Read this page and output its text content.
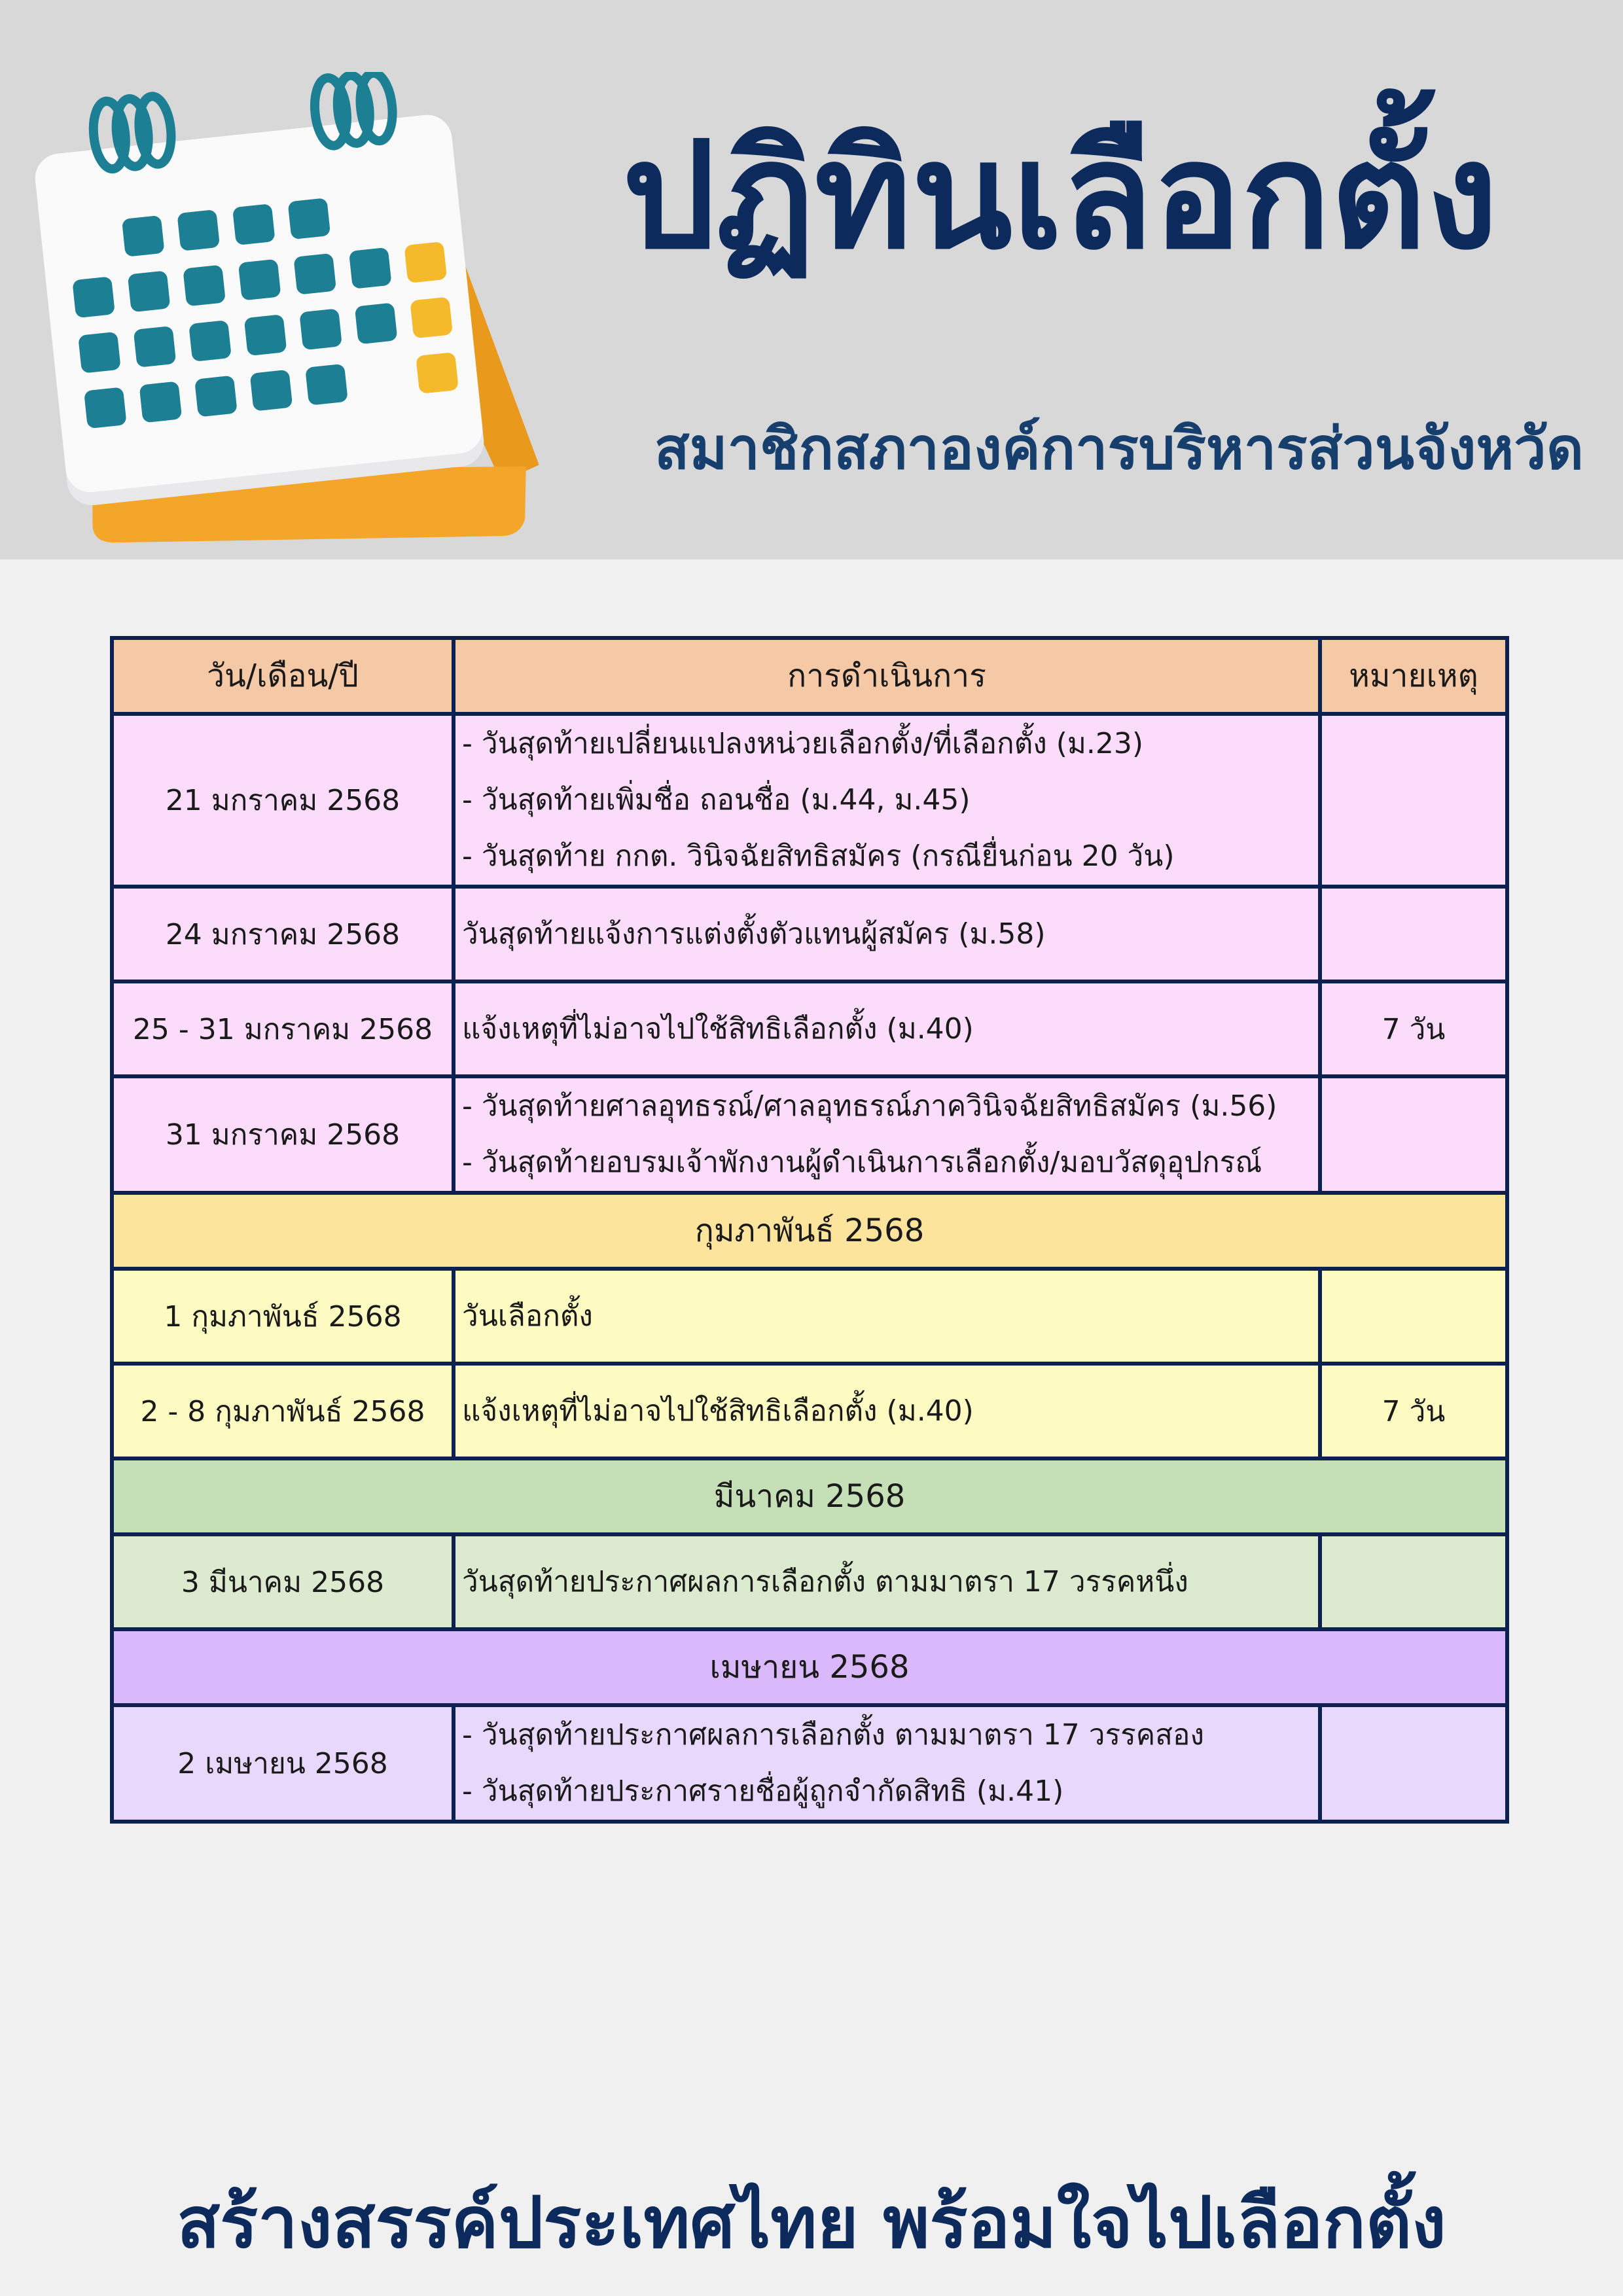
ปฏิทินเลือกตั้ง
สมาชิกสภาองค์การบริหารส่วนจังหวัด
วัน/เดือน/ปี	การดำเนินการ	หมายเหตุ
21 มกราคม 2568	- วันสุดท้ายเปลี่ยนแปลงหน่วยเลือกตั้ง/ที่เลือกตั้ง (ม.23)
- วันสุดท้ายเพิ่มชื่อ ถอนชื่อ (ม.44, ม.45)
- วันสุดท้าย กกต. วินิจฉัยสิทธิสมัคร (กรณียื่นก่อน 20 วัน)	

24 มกราคม 2568	วันสุดท้ายแจ้งการแต่งตั้งตัวแทนผู้สมัคร (ม.58)	

25 - 31 มกราคม 2568	แจ้งเหตุที่ไม่อาจไปใช้สิทธิเลือกตั้ง (ม.40)	7 วัน
31 มกราคม 2568	- วันสุดท้ายศาลอุทธรณ์/ศาลอุทธรณ์ภาควินิจฉัยสิทธิสมัคร (ม.56)
- วันสุดท้ายอบรมเจ้าพักงานผู้ดำเนินการเลือกตั้ง/มอบวัสดุอุปกรณ์	

กุมภาพันธ์ 2568		
1 กุมภาพันธ์ 2568	วันเลือกตั้ง	

2 - 8 กุมภาพันธ์ 2568	แจ้งเหตุที่ไม่อาจไปใช้สิทธิเลือกตั้ง (ม.40)	7 วัน
มีนาคม 2568		
3 มีนาคม 2568	วันสุดท้ายประกาศผลการเลือกตั้ง ตามมาตรา 17 วรรคหนึ่ง	

เมษายน 2568		
2 เมษายน 2568	- วันสุดท้ายประกาศผลการเลือกตั้ง ตามมาตรา 17 วรรคสอง
- วันสุดท้ายประกาศรายชื่อผู้ถูกจำกัดสิทธิ (ม.41)	

สร้างสรรค์ประเทศไทย พร้อมใจไปเลือกตั้ง
